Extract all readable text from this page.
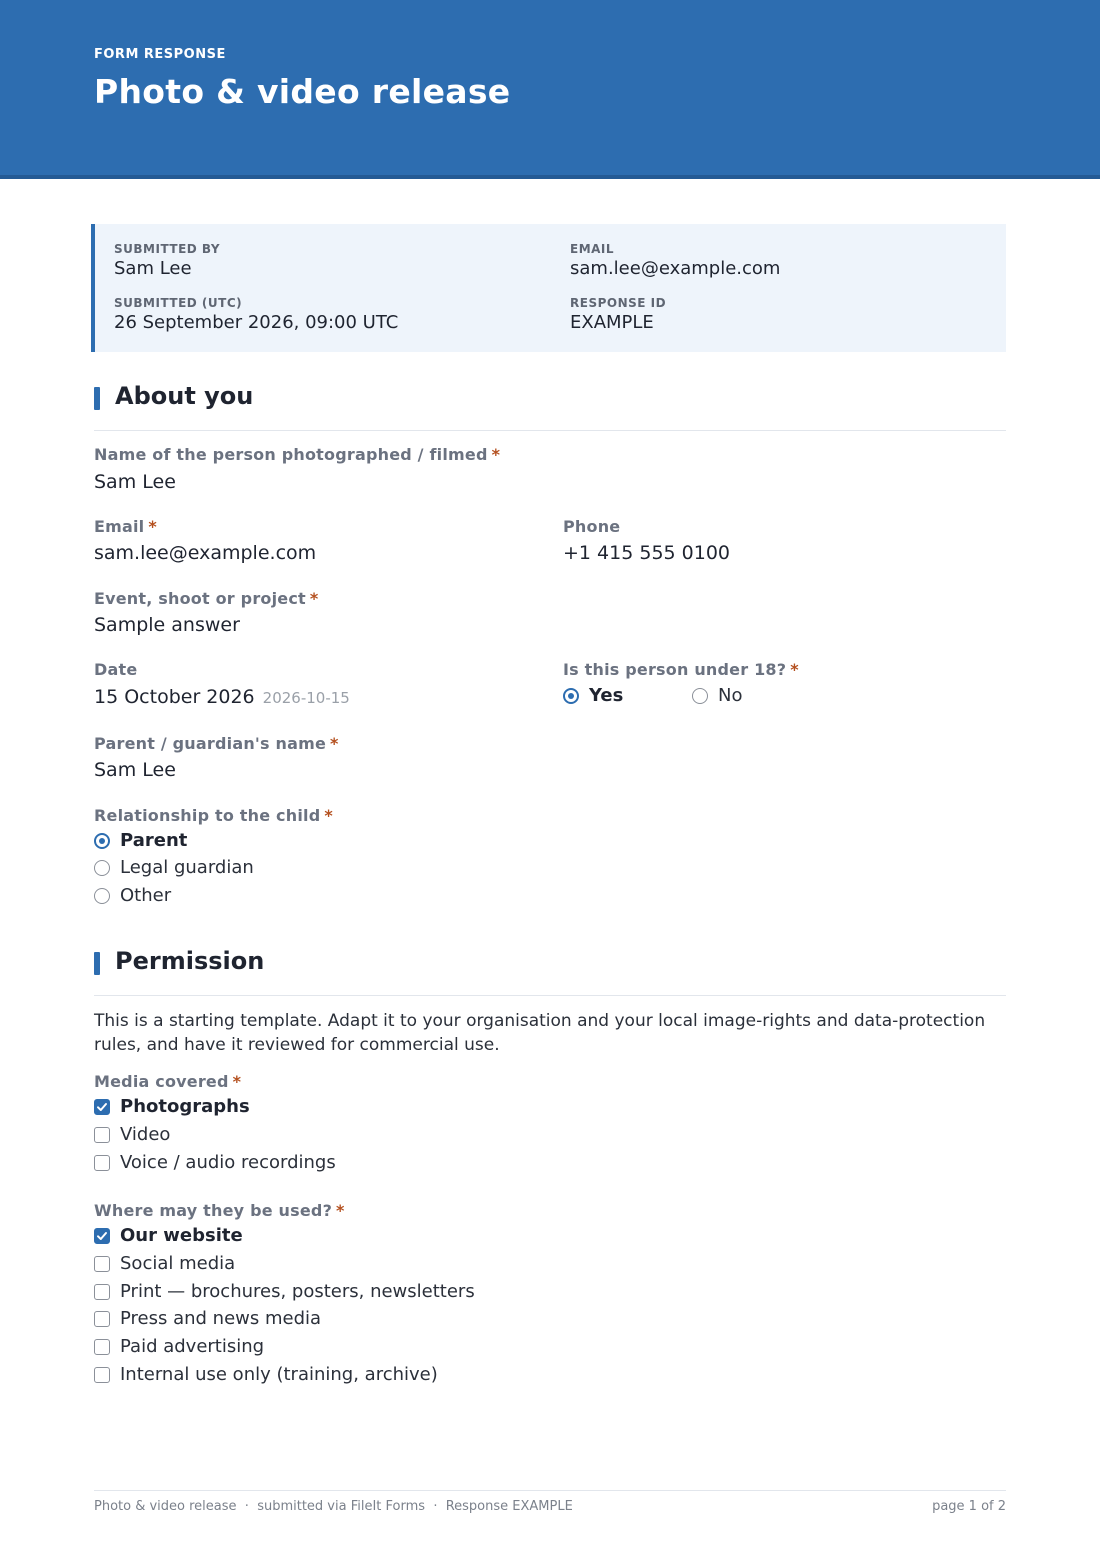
FORM RESPONSE
Photo & video release
SUBMITTED BY
Sam Lee
EMAIL
sam.lee@example.com
SUBMITTED (UTC)
26 September 2026, 09:00 UTC
RESPONSE ID
EXAMPLE
About you
Name of the person photographed / filmed *
Sam Lee
Email *
sam.lee@example.com
Phone
+1 415 555 0100
Event, shoot or project *
Sample answer
Date
15 October 2026 2026-10-15
Is this person under 18? *
Yes	No
Parent / guardian's name *
Sam Lee
Relationship to the child *
Parent
Legal guardian
Other
Permission
This is a starting template. Adapt it to your organisation and your local image-rights and data-protection rules, and have it reviewed for commercial use.
Media covered *
Photographs
Video
Voice / audio recordings
Where may they be used? *
Our website
Social media
Print — brochures, posters, newsletters
Press and news media
Paid advertising
Internal use only (training, archive)
Photo & video release  ·  submitted via FileIt Forms  ·  Response EXAMPLE	page 1 of 2
